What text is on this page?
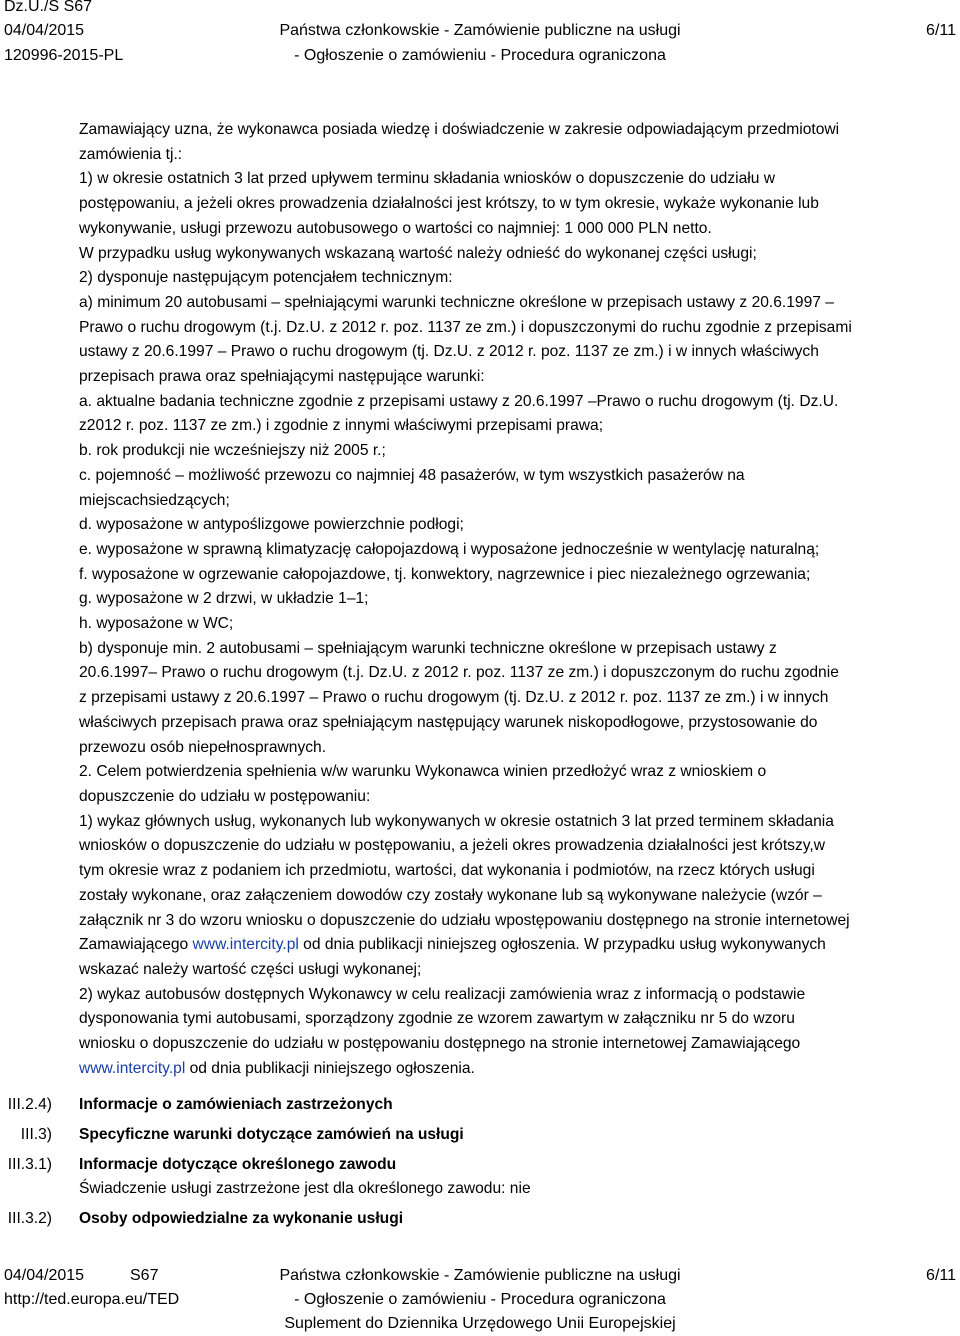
Dz.U./S S67
04/04/2015	Państwa członkowskie - Zamówienie publiczne na usługi	6/11
120996-2015-PL	- Ogłoszenie o zamówieniu - Procedura ograniczona

Zamawiający uzna, że wykonawca posiada wiedzę i doświadczenie w zakresie odpowiadającym przedmiotowi

zamówienia tj.:

1) w okresie ostatnich 3 lat przed upływem terminu składania wniosków o dopuszczenie do udziału w

postępowaniu, a jeżeli okres prowadzenia działalności jest krótszy, to w tym okresie, wykaże wykonanie lub

wykonywanie, usługi przewozu autobusowego o wartości co najmniej: 1 000 000 PLN netto.

W przypadku usług wykonywanych wskazaną wartość należy odnieść do wykonanej części usługi;

2) dysponuje następującym potencjałem technicznym:

a) minimum 20 autobusami – spełniającymi warunki techniczne określone w przepisach ustawy z 20.6.1997 –

Prawo o ruchu drogowym (t.j. Dz.U. z 2012 r. poz. 1137 ze zm.) i dopuszczonymi do ruchu zgodnie z przepisami

ustawy z 20.6.1997 – Prawo o ruchu drogowym (tj. Dz.U. z 2012 r. poz. 1137 ze zm.) i w innych właściwych

przepisach prawa oraz spełniającymi następujące warunki:

a. aktualne badania techniczne zgodnie z przepisami ustawy z 20.6.1997 –Prawo o ruchu drogowym (tj. Dz.U.

z2012 r. poz. 1137 ze zm.) i zgodnie z innymi właściwymi przepisami prawa;

b. rok produkcji nie wcześniejszy niż 2005 r.;

c. pojemność – możliwość przewozu co najmniej 48 pasażerów, w tym wszystkich pasażerów na

miejscachsiedzących;

d. wyposażone w antypoślizgowe powierzchnie podłogi;

e. wyposażone w sprawną klimatyzację całopojazdową i wyposażone jednocześnie w wentylację naturalną;

f. wyposażone w ogrzewanie całopojazdowe, tj. konwektory, nagrzewnice i piec niezależnego ogrzewania;

g. wyposażone w 2 drzwi, w układzie 1–1;

h. wyposażone w WC;

b) dysponuje min. 2 autobusami – spełniającym warunki techniczne określone w przepisach ustawy z

20.6.1997– Prawo o ruchu drogowym (t.j. Dz.U. z 2012 r. poz. 1137 ze zm.) i dopuszczonym do ruchu zgodnie

z przepisami ustawy z 20.6.1997 – Prawo o ruchu drogowym (tj. Dz.U. z 2012 r. poz. 1137 ze zm.) i w innych

właściwych przepisach prawa oraz spełniającym następujący warunek niskopodłogowe, przystosowanie do

przewozu osób niepełnosprawnych.

2. Celem potwierdzenia spełnienia w/w warunku Wykonawca winien przedłożyć wraz z wnioskiem o

dopuszczenie do udziału w postępowaniu:

1) wykaz głównych usług, wykonanych lub wykonywanych w okresie ostatnich 3 lat przed terminem składania

wniosków o dopuszczenie do udziału w postępowaniu, a jeżeli okres prowadzenia działalności jest krótszy,w

tym okresie wraz z podaniem ich przedmiotu, wartości, dat wykonania i podmiotów, na rzecz których usługi

zostały wykonane, oraz załączeniem dowodów czy zostały wykonane lub są wykonywane należycie (wzór –

załącznik nr 3 do wzoru wniosku o dopuszczenie do udziału wpostępowaniu dostępnego na stronie internetowej

Zamawiającego www.intercity.pl od dnia publikacji niniejszeg ogłoszenia. W przypadku usług wykonywanych

wskazać należy wartość części usługi wykonanej;

2) wykaz autobusów dostępnych Wykonawcy w celu realizacji zamówienia wraz z informacją o podstawie

dysponowania tymi autobusami, sporządzony zgodnie ze wzorem zawartym w załączniku nr 5 do wzoru

wniosku o dopuszczenie do udziału w postępowaniu dostępnego na stronie internetowej Zamawiającego

www.intercity.pl od dnia publikacji niniejszego ogłoszenia.

III.2.4) Informacje o zamówieniach zastrzeżonych
III.3) Specyficzne warunki dotyczące zamówień na usługi
III.3.1) Informacje dotyczące określonego zawodu
Świadczenie usługi zastrzeżone jest dla określonego zawodu: nie
III.3.2) Osoby odpowiedzialne za wykonanie usługi
04/04/2015	S67	Państwa członkowskie - Zamówienie publiczne na usługi	6/11
http://ted.europa.eu/TED	- Ogłoszenie o zamówieniu - Procedura ograniczona
Suplement do Dziennika Urzędowego Unii Europejskiej
